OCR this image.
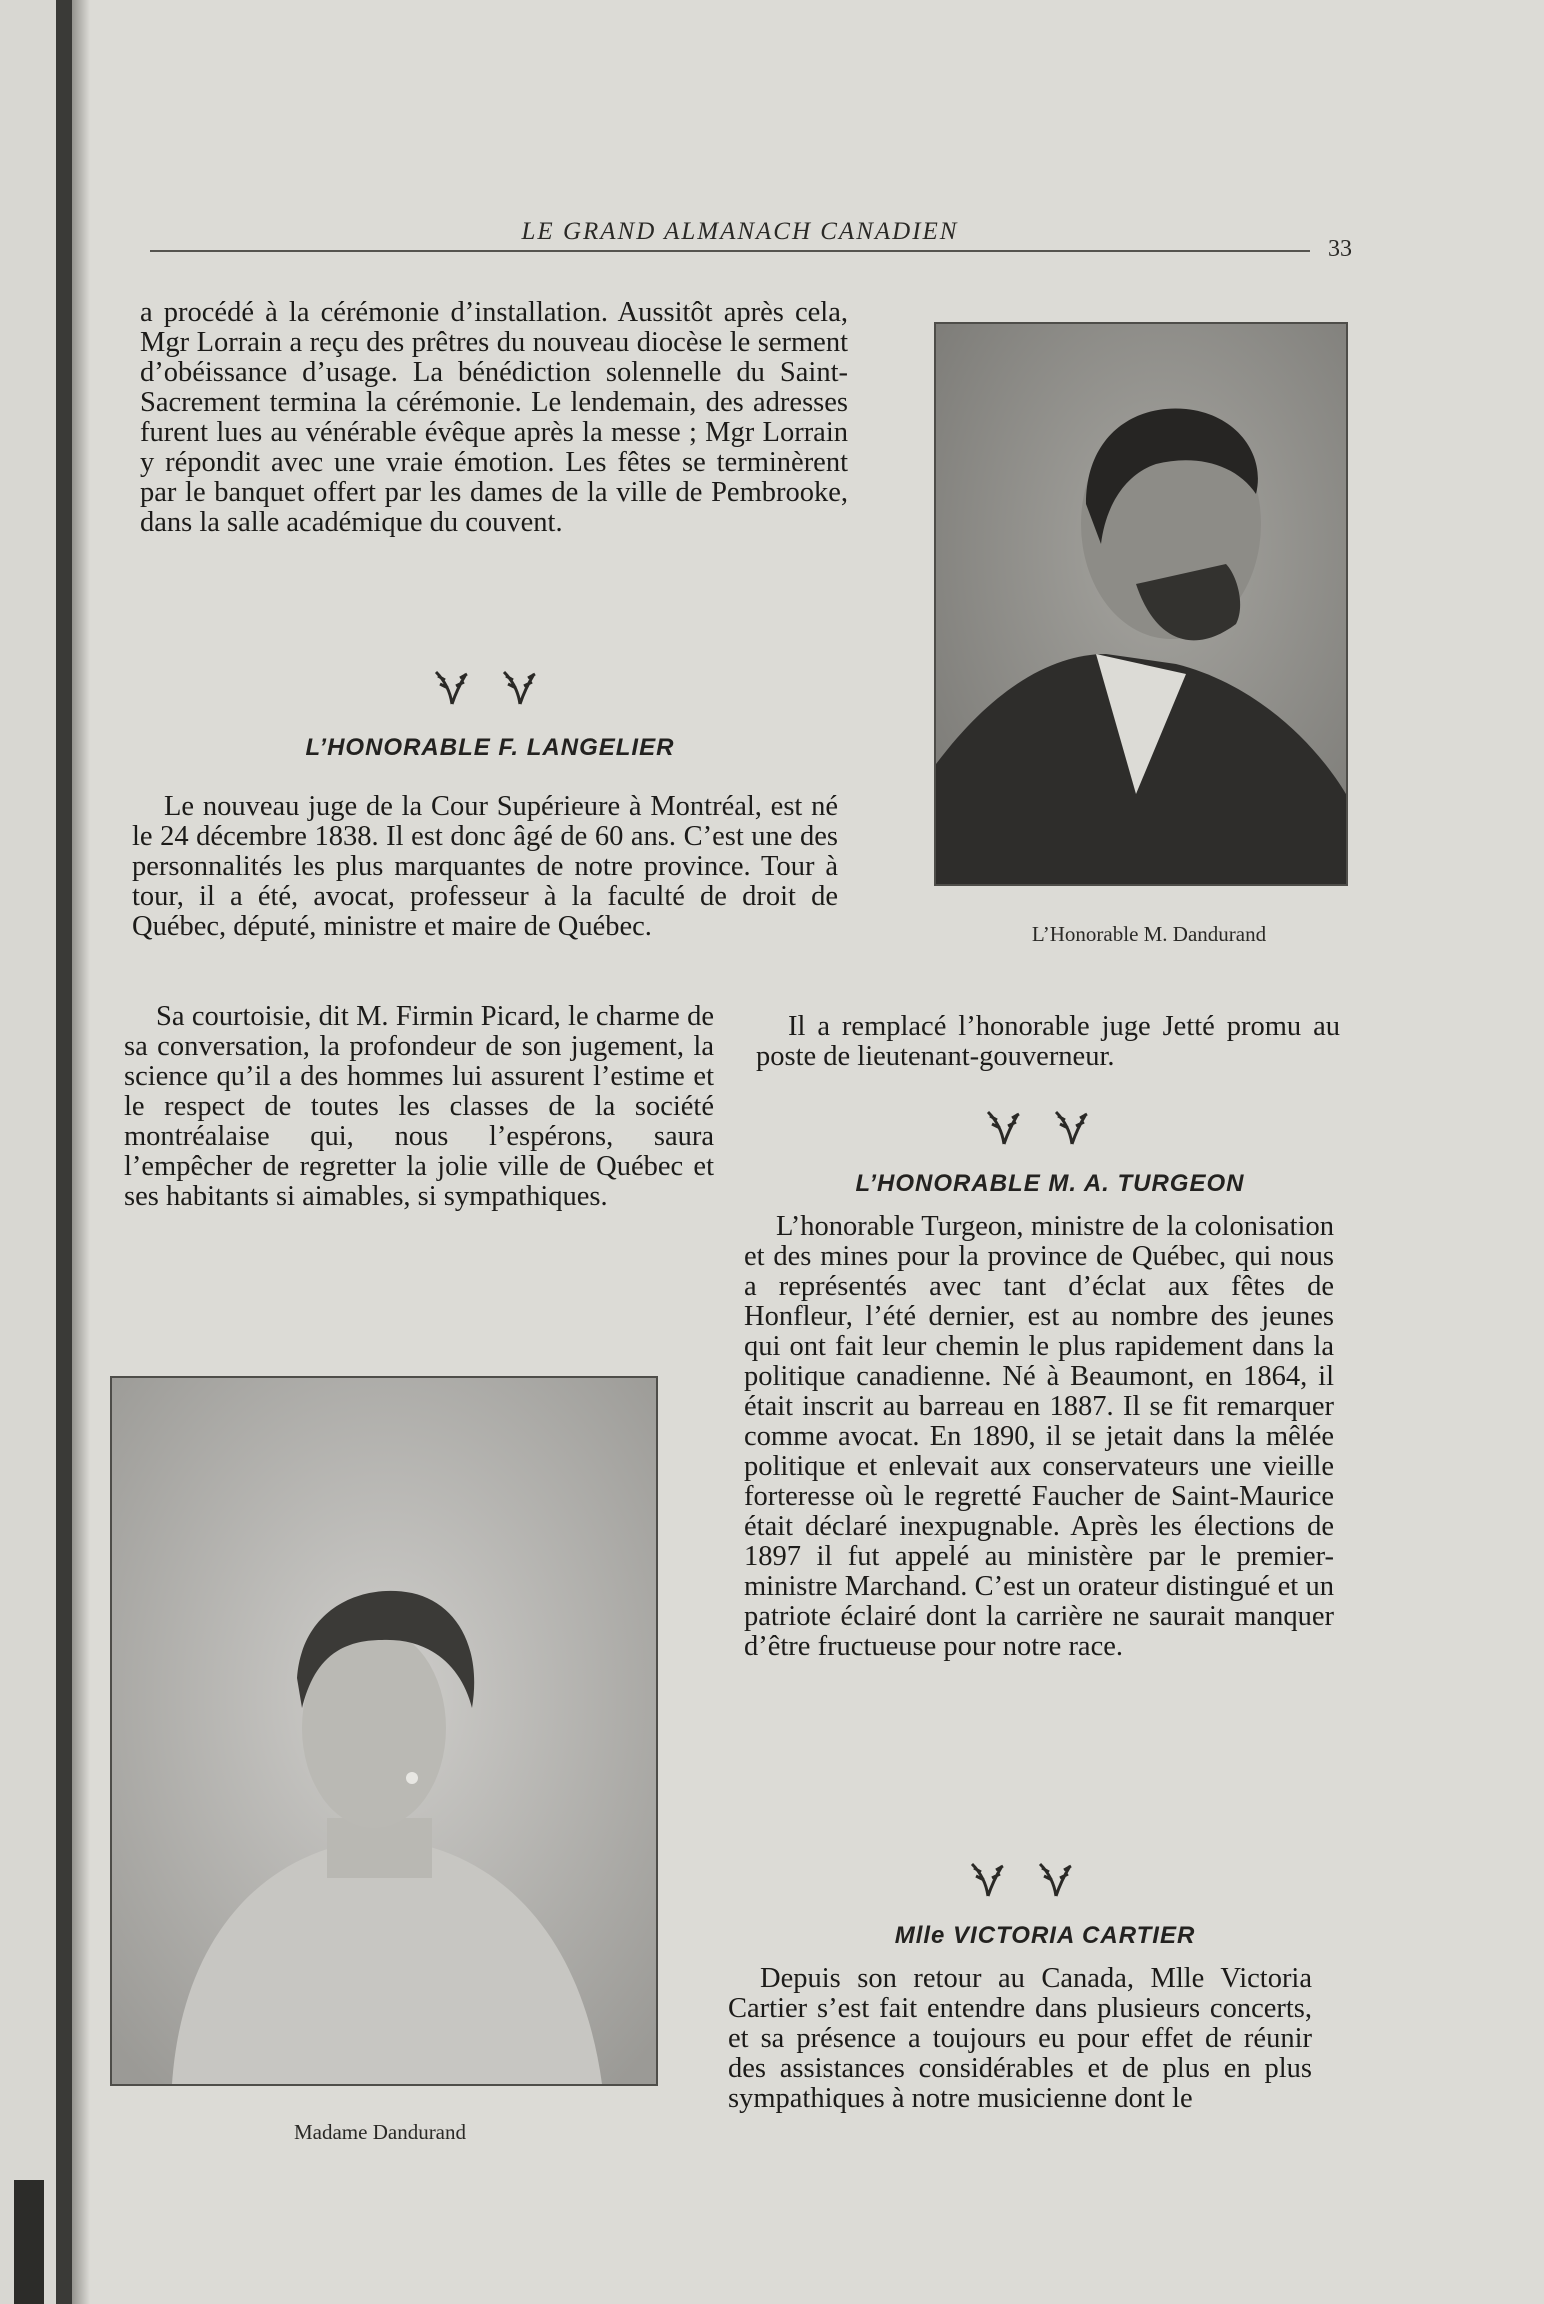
LE GRAND ALMANACH CANADIEN
33

a procédé à la cérémonie d’installation. Aussitôt après cela, Mgr Lorrain a reçu des prêtres du nouveau diocèse le serment d’obéissance d’usage. La bénédiction solennelle du Saint-Sacrement termina la cérémonie. Le lendemain, des adresses furent lues au vénérable évêque après la messe ; Mgr Lorrain y répondit avec une vraie émotion. Les fêtes se terminèrent par le banquet offert par les dames de la ville de Pembrooke, dans la salle académique du couvent.

L’HONORABLE F. LANGELIER

Le nouveau juge de la Cour Supérieure à Montréal, est né le 24 décembre 1838. Il est donc âgé de 60 ans. C’est une des personnalités les plus marquantes de notre province. Tour à tour, il a été, avocat, professeur à la faculté de droit de Québec, député, ministre et maire de Québec.

Sa courtoisie, dit M. Firmin Picard, le charme de sa conversation, la profondeur de son jugement, la science qu’il a des hommes lui assurent l’estime et le respect de toutes les classes de la société montréalaise qui, nous l’espérons, saura l’empêcher de regretter la jolie ville de Québec et ses habitants si aimables, si sympathiques.

Madame Dandurand
L’Honorable M. Dandurand

Il a remplacé l’honorable juge Jetté promu au poste de lieutenant-gouverneur.

L’HONORABLE M. A. TURGEON

L’honorable Turgeon, ministre de la colonisation et des mines pour la province de Québec, qui nous a représentés avec tant d’éclat aux fêtes de Honfleur, l’été dernier, est au nombre des jeunes qui ont fait leur chemin le plus rapidement dans la politique canadienne. Né à Beaumont, en 1864, il était inscrit au barreau en 1887. Il se fit remarquer comme avocat. En 1890, il se jetait dans la mêlée politique et enlevait aux conservateurs une vieille forteresse où le regretté Faucher de Saint-Maurice était déclaré inexpugnable. Après les élections de 1897 il fut appelé au ministère par le premier-ministre Marchand. C’est un orateur distingué et un patriote éclairé dont la carrière ne saurait manquer d’être fructueuse pour notre race.

Mlle VICTORIA CARTIER

Depuis son retour au Canada, Mlle Victoria Cartier s’est fait entendre dans plusieurs concerts, et sa présence a toujours eu pour effet de réunir des assistances considérables et de plus en plus sympathiques à notre musicienne dont le
